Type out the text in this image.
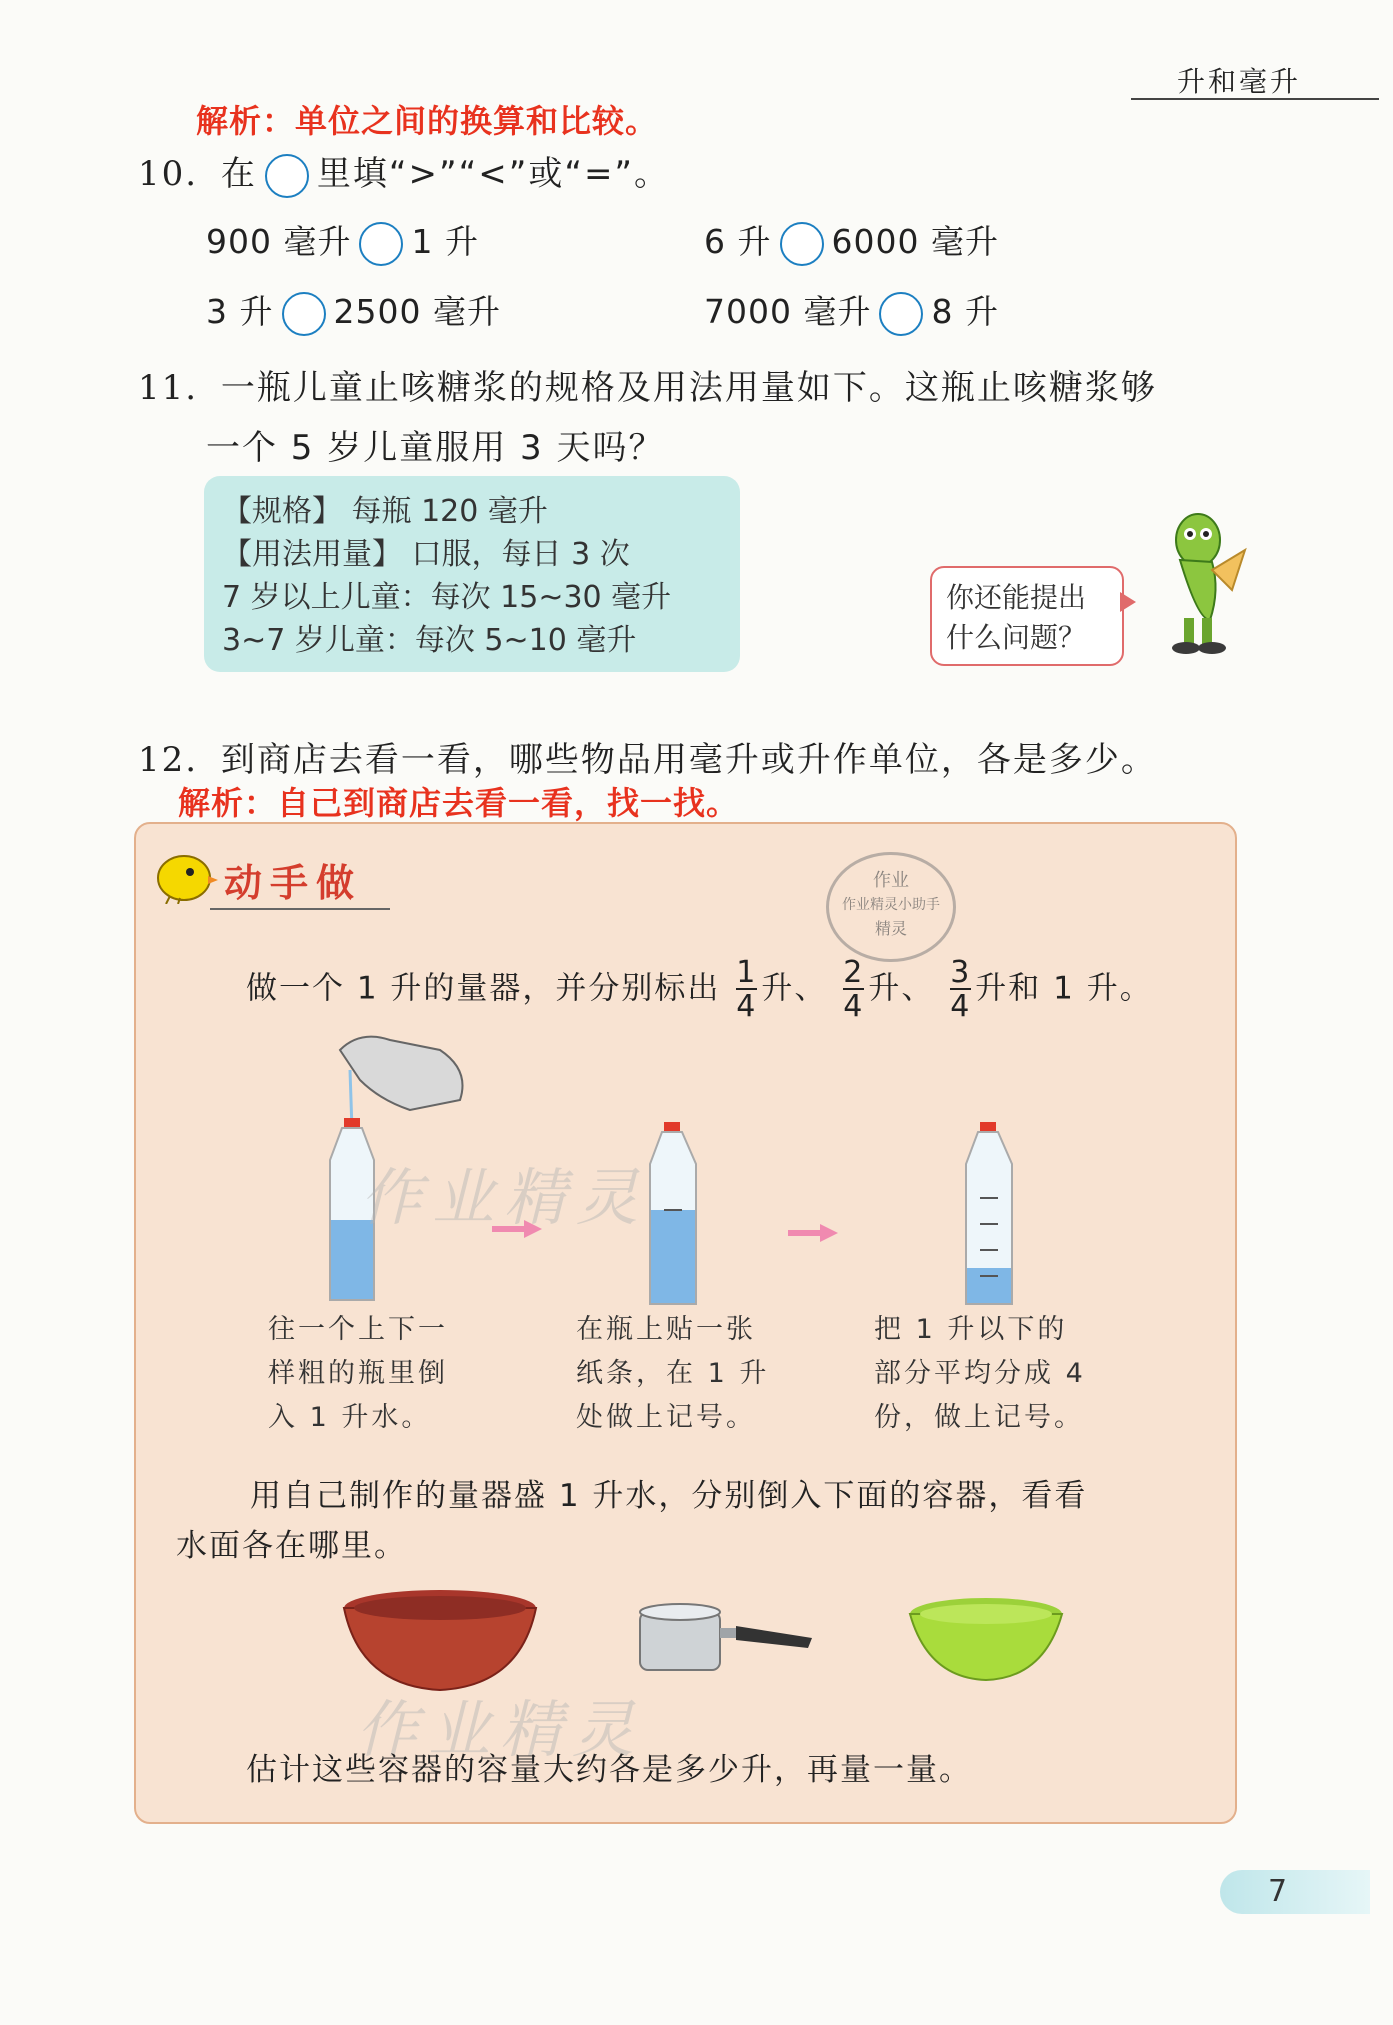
升和毫升
解析：单位之间的换算和比较。
10. 在 里填“>”“<”或“=”。
900 毫升 1 升	6 升 6000 毫升
3 升 2500 毫升	7000 毫升 8 升
11. 一瓶儿童止咳糖浆的规格及用法用量如下。这瓶止咳糖浆够
一个 5 岁儿童服用 3 天吗？
【规格】 每瓶 120 毫升
【用法用量】 口服，每日 3 次
7 岁以上儿童：每次 15~30 毫升
3~7 岁儿童：每次 5~10 毫升
你还能提出
什么问题？
12. 到商店去看一看，哪些物品用毫升或升作单位，各是多少。
解析：自己到商店去看一看，找一找。
动手做	作业
作业精灵小助手
精灵
做一个 1 升的量器，并分别标出 $\frac{1}{4}$ 升、 $\frac{2}{4}$ 升、 $\frac{3}{4}$ 升和 1 升。
作业精灵
往一个上下一
样粗的瓶里倒
入 1 升水。
在瓶上贴一张
纸条，在 1 升
处做上记号。
把 1 升以下的
部分平均分成 4
份，做上记号。
用自己制作的量器盛 1 升水，分别倒入下面的容器，看看
水面各在哪里。
作业精灵
估计这些容器的容量大约各是多少升，再量一量。
7
